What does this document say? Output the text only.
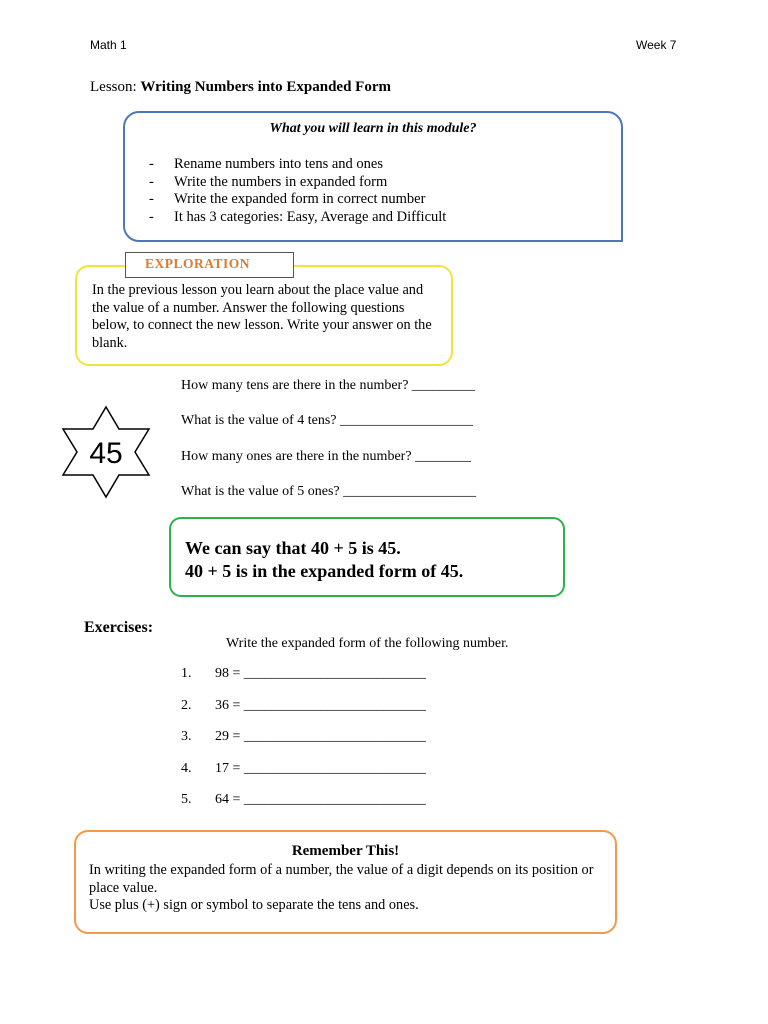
Math 1	Week 7
Lesson: Writing Numbers into Expanded Form
What you will learn in this module?
-	Rename numbers into tens and ones
-	Write the numbers in expanded form
-	Write the expanded form in correct number
-	It has 3 categories: Easy, Average and Difficult
In the previous lesson you learn about the place value and the value of a number. Answer the following questions below, to connect the new lesson. Write your answer on the blank.
EXPLORATION
45
How many tens are there in the number? _________
What is the value of 4 tens? ___________________
How many ones are there in the number? ________
What is the value of 5 ones? ___________________
We can say that 40 + 5 is 45.
40 + 5 is in the expanded form of 45.
Exercises:
Write the expanded form of the following number.
1.	98 = __________________________
2.	36 = __________________________
3.	29 = __________________________
4.	17 = __________________________
5.	64 = __________________________
Remember This!
In writing the expanded form of a number, the value of a digit depends on its position or place value.
Use plus (+) sign or symbol to separate the tens and ones.
